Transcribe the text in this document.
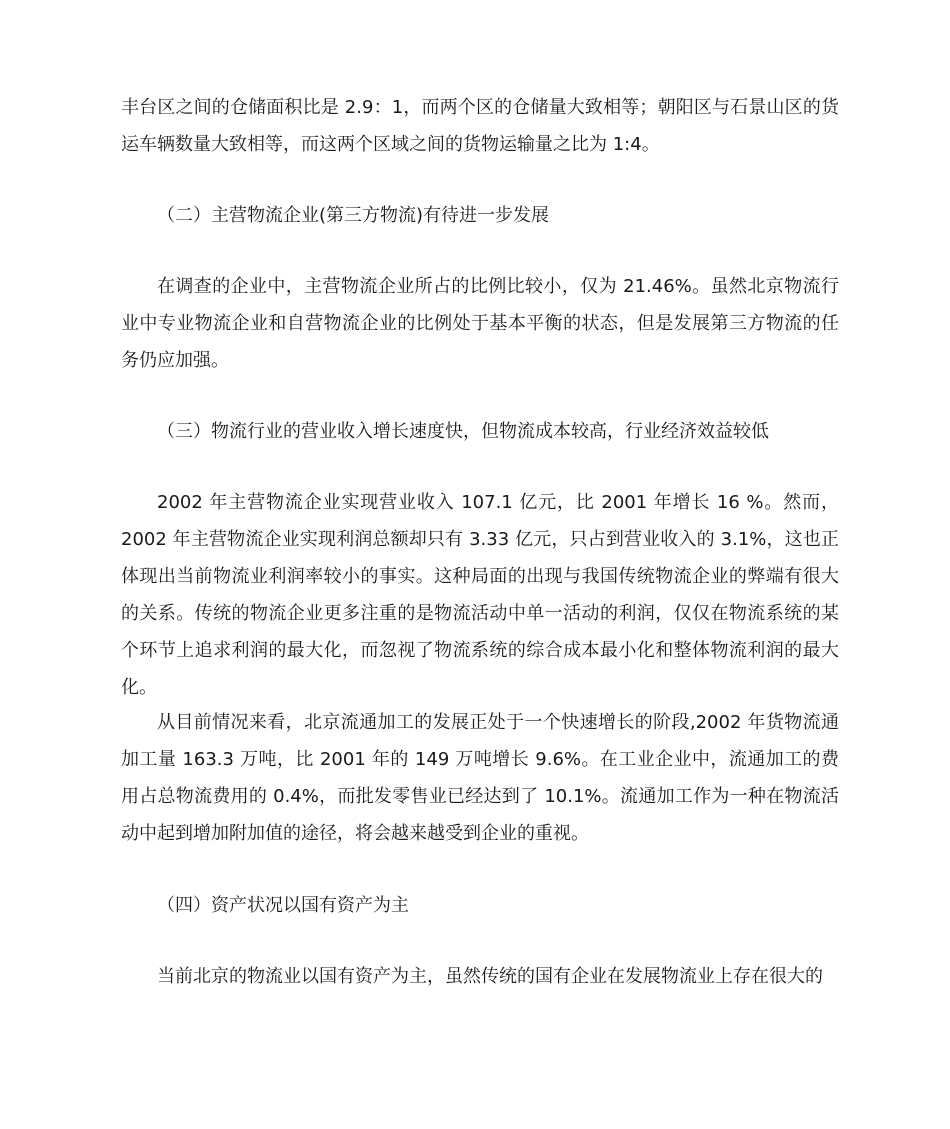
丰台区之间的仓储面积比是 2.9：1，而两个区的仓储量大致相等；朝阳区与石景山区的货运车辆数量大致相等，而这两个区域之间的货物运输量之比为 1:4。

（二）主营物流企业(第三方物流)有待进一步发展

在调查的企业中，主营物流企业所占的比例比较小，仅为 21.46%。虽然北京物流行业中专业物流企业和自营物流企业的比例处于基本平衡的状态，但是发展第三方物流的任务仍应加强。

（三）物流行业的营业收入增长速度快，但物流成本较高，行业经济效益较低

2002 年主营物流企业实现营业收入 107.1 亿元，比 2001 年增长 16 %。然而，2002 年主营物流企业实现利润总额却只有 3.33 亿元，只占到营业收入的 3.1%，这也正体现出当前物流业利润率较小的事实。这种局面的出现与我国传统物流企业的弊端有很大的关系。传统的物流企业更多注重的是物流活动中单一活动的利润，仅仅在物流系统的某个环节上追求利润的最大化，而忽视了物流系统的综合成本最小化和整体物流利润的最大化。

从目前情况来看，北京流通加工的发展正处于一个快速增长的阶段,2002 年货物流通加工量 163.3 万吨，比 2001 年的 149 万吨增长 9.6%。在工业企业中，流通加工的费用占总物流费用的 0.4%，而批发零售业已经达到了 10.1%。流通加工作为一种在物流活动中起到增加附加值的途径，将会越来越受到企业的重视。

（四）资产状况以国有资产为主

当前北京的物流业以国有资产为主，虽然传统的国有企业在发展物流业上存在很大的
